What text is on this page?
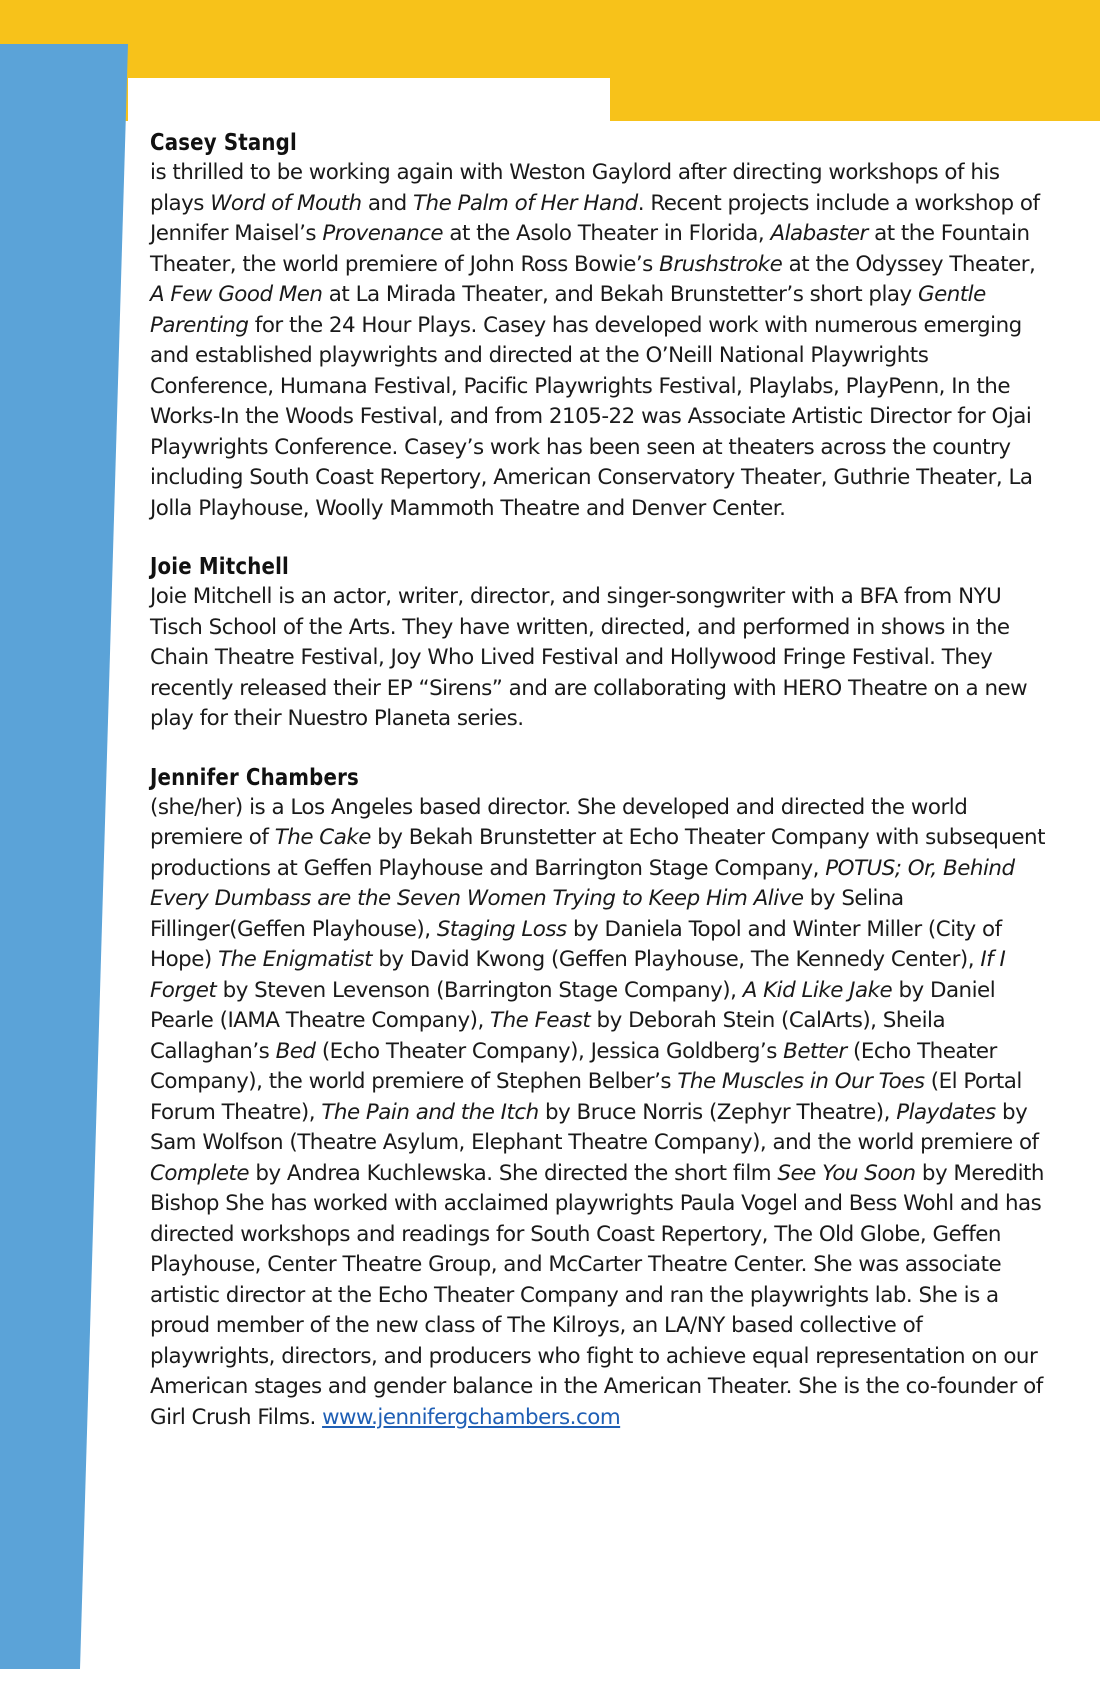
Casey Stangl

is thrilled to be working again with Weston Gaylord after directing workshops of his plays Word of Mouth and The Palm of Her Hand. Recent projects include a workshop of Jennifer Maisel’s Provenance at the Asolo Theater in Florida, Alabaster at the Fountain Theater, the world premiere of John Ross Bowie’s Brushstroke at the Odyssey Theater, A Few Good Men at La Mirada Theater, and Bekah Brunstetter’s short play Gentle Parenting for the 24 Hour Plays. Casey has developed work with numerous emerging and established playwrights and directed at the O’Neill National Playwrights Conference, Humana Festival, Pacific Playwrights Festival, Playlabs, PlayPenn, In the Works-In the Woods Festival, and from 2105-22 was Associate Artistic Director for Ojai Playwrights Conference. Casey’s work has been seen at theaters across the country including South Coast Repertory, American Conservatory Theater, Guthrie Theater, La Jolla Playhouse, Woolly Mammoth Theatre and Denver Center.

Joie Mitchell

Joie Mitchell is an actor, writer, director, and singer-songwriter with a BFA from NYU Tisch School of the Arts. They have written, directed, and performed in shows in the Chain Theatre Festival, Joy Who Lived Festival and Hollywood Fringe Festival. They recently released their EP “Sirens” and are collaborating with HERO Theatre on a new play for their Nuestro Planeta series.

Jennifer Chambers

(she/her) is a Los Angeles based director. She developed and directed the world premiere of The Cake by Bekah Brunstetter at Echo Theater Company with subsequent productions at Geffen Playhouse and Barrington Stage Company, POTUS; Or, Behind Every Dumbass are the Seven Women Trying to Keep Him Alive by Selina Fillinger(Geffen Playhouse), Staging Loss by Daniela Topol and Winter Miller (City of Hope) The Enigmatist by David Kwong (Geffen Playhouse, The Kennedy Center), If I Forget by Steven Levenson (Barrington Stage Company), A Kid Like Jake by Daniel Pearle (IAMA Theatre Company), The Feast by Deborah Stein (CalArts), Sheila Callaghan’s Bed (Echo Theater Company), Jessica Goldberg’s Better (Echo Theater Company), the world premiere of Stephen Belber’s The Muscles in Our Toes (El Portal Forum Theatre), The Pain and the Itch by Bruce Norris (Zephyr Theatre), Playdates by Sam Wolfson (Theatre Asylum, Elephant Theatre Company), and the world premiere of Complete by Andrea Kuchlewska. She directed the short film See You Soon by Meredith Bishop She has worked with acclaimed playwrights Paula Vogel and Bess Wohl and has directed workshops and readings for South Coast Repertory, The Old Globe, Geffen Playhouse, Center Theatre Group, and McCarter Theatre Center. She was associate artistic director at the Echo Theater Company and ran the playwrights lab. She is a proud member of the new class of The Kilroys, an LA/NY based collective of playwrights, directors, and producers who fight to achieve equal representation on our American stages and gender balance in the American Theater. She is the co-founder of Girl Crush Films. www.jennifergchambers.com
